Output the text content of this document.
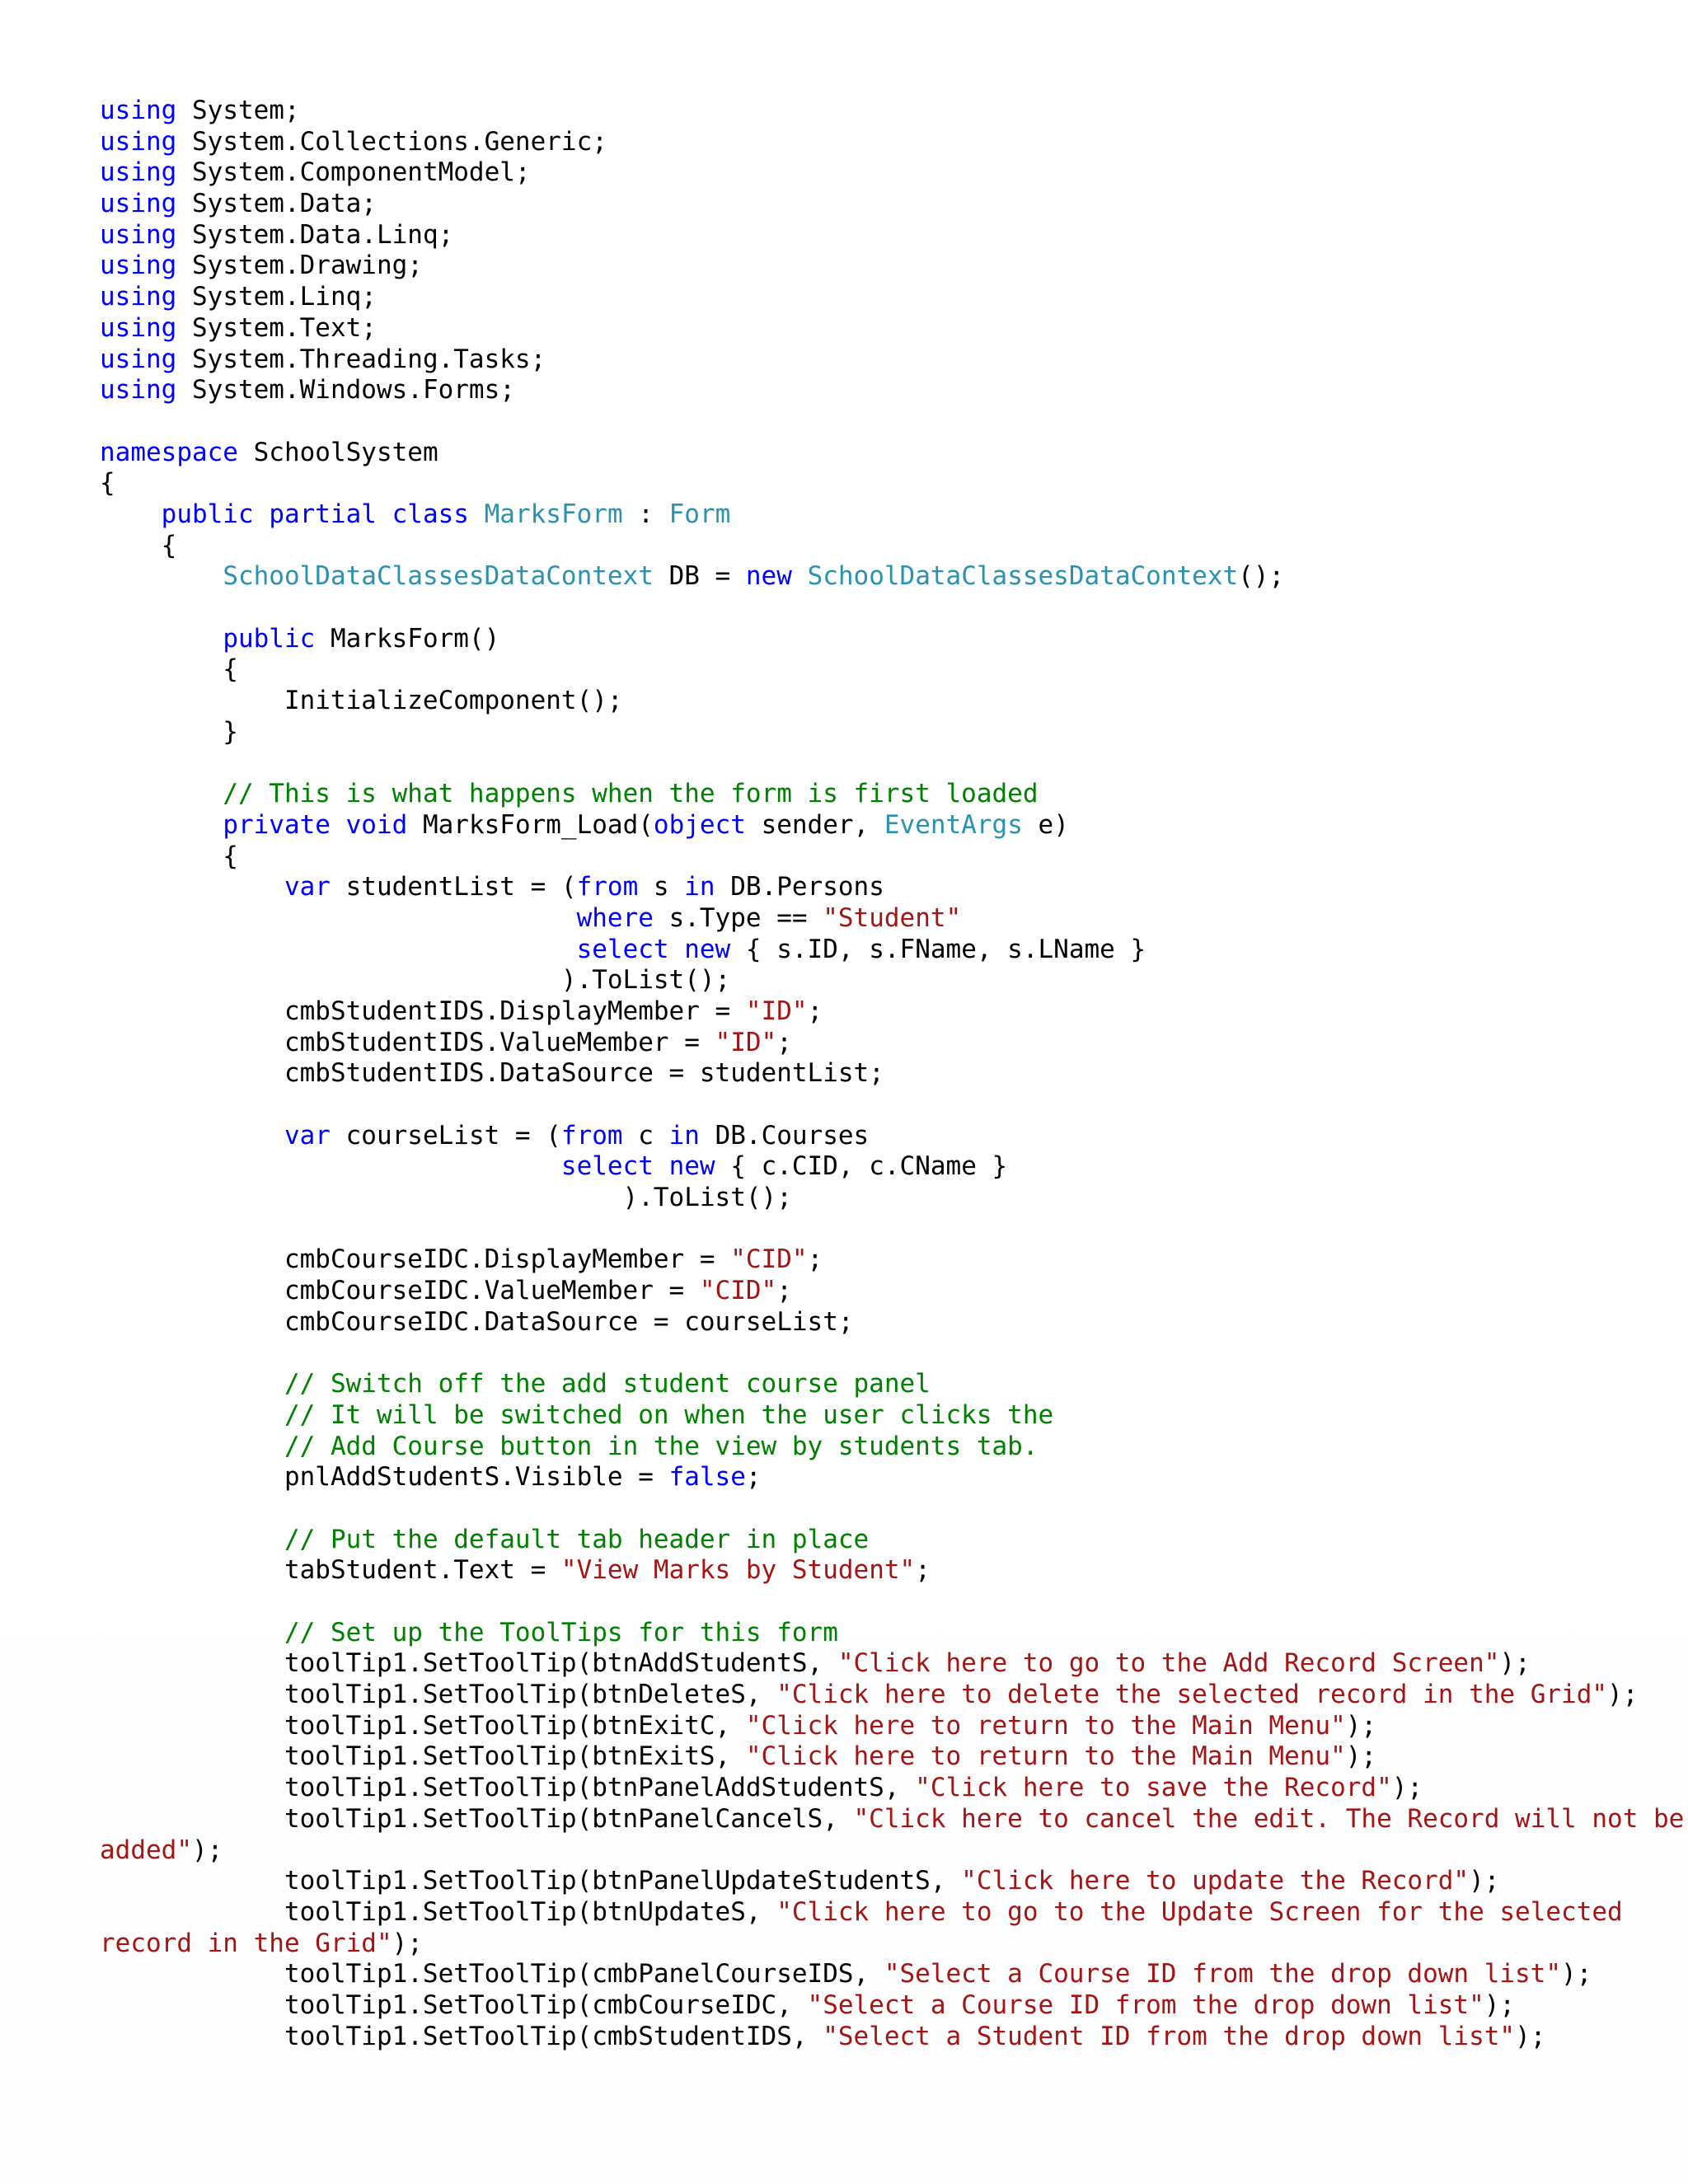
using System;
using System.Collections.Generic;
using System.ComponentModel;
using System.Data;
using System.Data.Linq;
using System.Drawing;
using System.Linq;
using System.Text;
using System.Threading.Tasks;
using System.Windows.Forms;

namespace SchoolSystem
{
public partial class MarksForm : Form
{
SchoolDataClassesDataContext DB = new SchoolDataClassesDataContext();

public MarksForm()
{
InitializeComponent();
}

// This is what happens when the form is first loaded
private void MarksForm_Load(object sender, EventArgs e)
{
var studentList = (from s in DB.Persons
where s.Type == "Student"
select new { s.ID, s.FName, s.LName }
).ToList();
cmbStudentIDS.DisplayMember = "ID";
cmbStudentIDS.ValueMember = "ID";
cmbStudentIDS.DataSource = studentList;

var courseList = (from c in DB.Courses
select new { c.CID, c.CName }
).ToList();

cmbCourseIDC.DisplayMember = "CID";
cmbCourseIDC.ValueMember = "CID";
cmbCourseIDC.DataSource = courseList;

// Switch off the add student course panel
// It will be switched on when the user clicks the
// Add Course button in the view by students tab.
pnlAddStudentS.Visible = false;

// Put the default tab header in place
tabStudent.Text = "View Marks by Student";

// Set up the ToolTips for this form
toolTip1.SetToolTip(btnAddStudentS, "Click here to go to the Add Record Screen");
toolTip1.SetToolTip(btnDeleteS, "Click here to delete the selected record in the Grid");
toolTip1.SetToolTip(btnExitC, "Click here to return to the Main Menu");
toolTip1.SetToolTip(btnExitS, "Click here to return to the Main Menu");
toolTip1.SetToolTip(btnPanelAddStudentS, "Click here to save the Record");
toolTip1.SetToolTip(btnPanelCancelS, "Click here to cancel the edit. The Record will not be
added");
toolTip1.SetToolTip(btnPanelUpdateStudentS, "Click here to update the Record");
toolTip1.SetToolTip(btnUpdateS, "Click here to go to the Update Screen for the selected
record in the Grid");
toolTip1.SetToolTip(cmbPanelCourseIDS, "Select a Course ID from the drop down list");
toolTip1.SetToolTip(cmbCourseIDC, "Select a Course ID from the drop down list");
toolTip1.SetToolTip(cmbStudentIDS, "Select a Student ID from the drop down list");
